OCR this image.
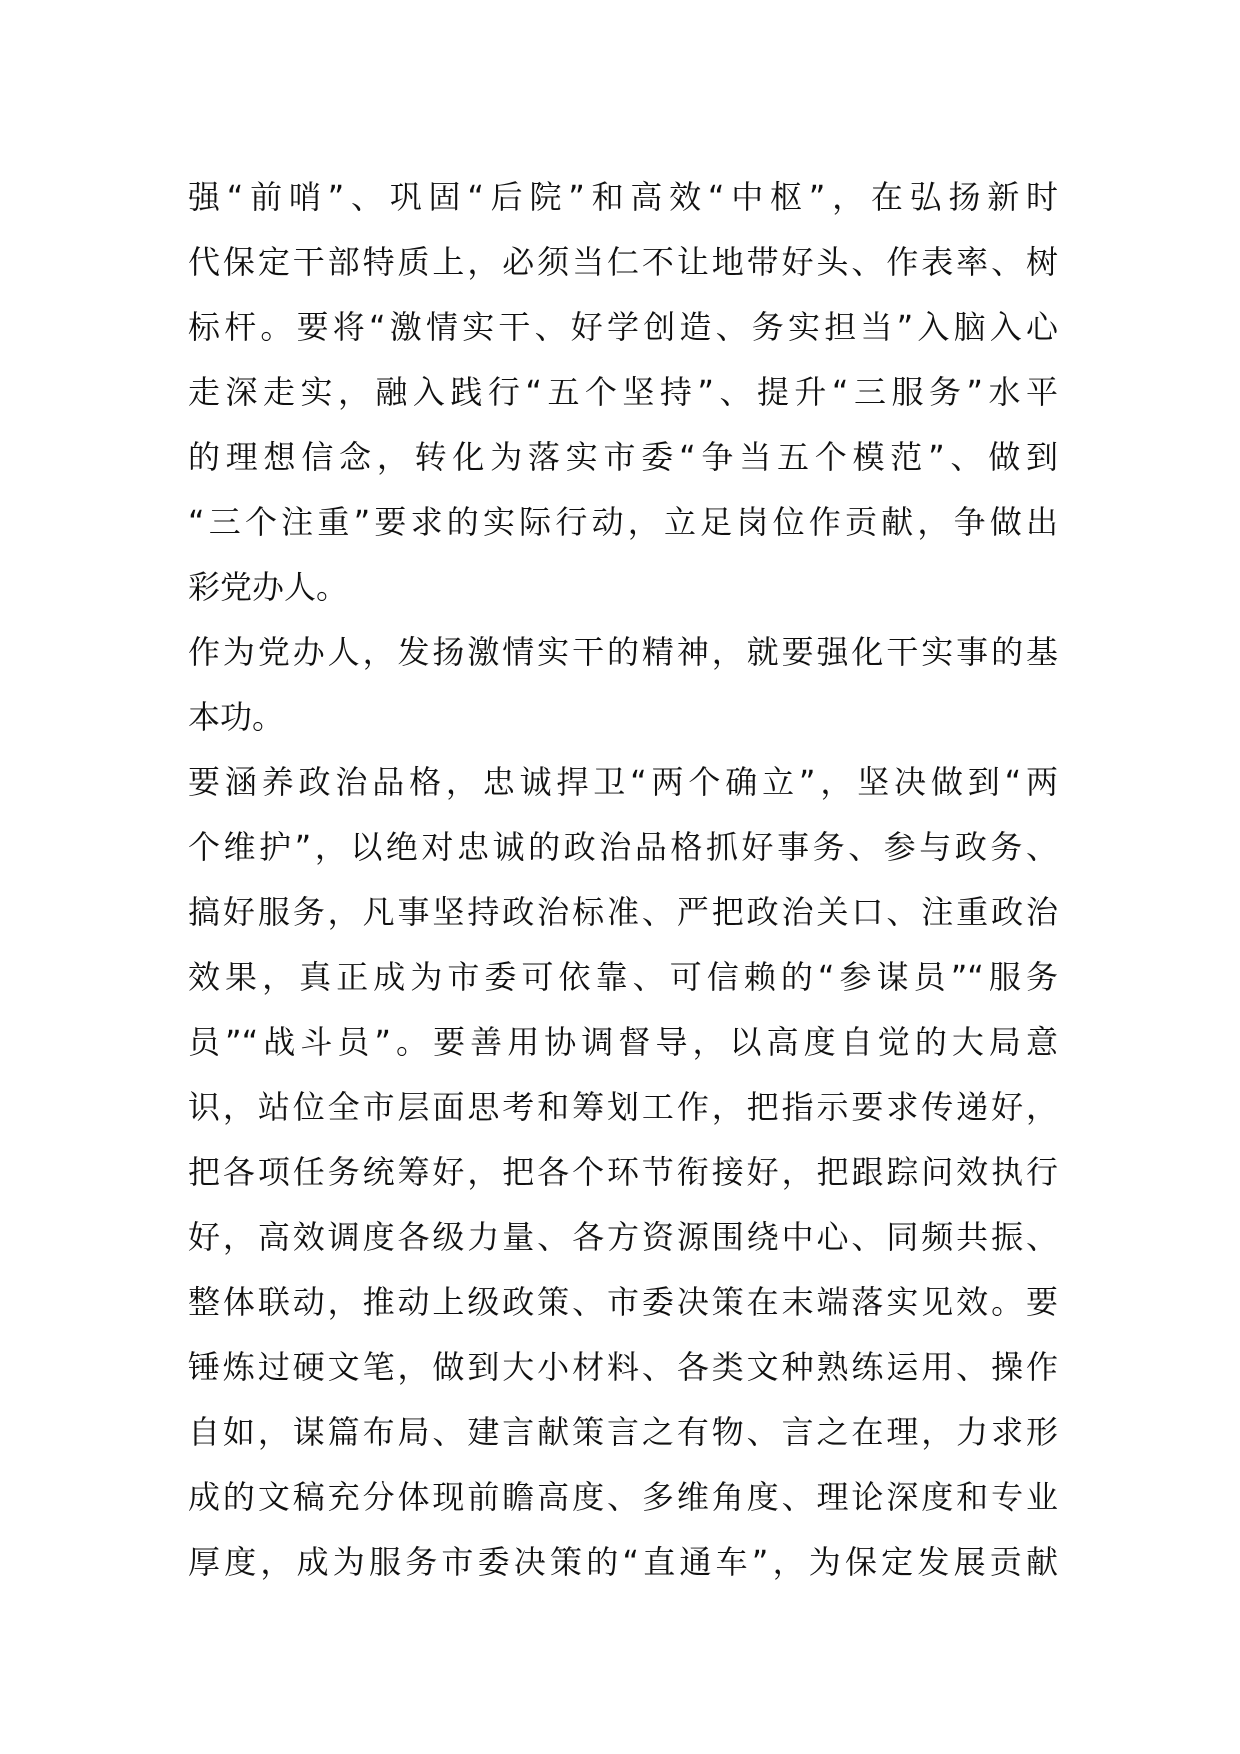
强“前哨”、巩固“后院”和高效“中枢”，在弘扬新时
代保定干部特质上，必须当仁不让地带好头、作表率、树
标杆。要将“激情实干、好学创造、务实担当”入脑入心
走深走实，融入践行“五个坚持”、提升“三服务”水平
的理想信念，转化为落实市委“争当五个模范”、做到
“三个注重”要求的实际行动，立足岗位作贡献，争做出
彩党办人。
作为党办人，发扬激情实干的精神，就要强化干实事的基
本功。
要涵养政治品格，忠诚捍卫“两个确立”，坚决做到“两
个维护”，以绝对忠诚的政治品格抓好事务、参与政务、
搞好服务，凡事坚持政治标准、严把政治关口、注重政治
效果，真正成为市委可依靠、可信赖的“参谋员”“服务
员”“战斗员”。要善用协调督导，以高度自觉的大局意
识，站位全市层面思考和筹划工作，把指示要求传递好，
把各项任务统筹好，把各个环节衔接好，把跟踪问效执行
好，高效调度各级力量、各方资源围绕中心、同频共振、
整体联动，推动上级政策、市委决策在末端落实见效。要
锤炼过硬文笔，做到大小材料、各类文种熟练运用、操作
自如，谋篇布局、建言献策言之有物、言之在理，力求形
成的文稿充分体现前瞻高度、多维角度、理论深度和专业
厚度，成为服务市委决策的“直通车”，为保定发展贡献
